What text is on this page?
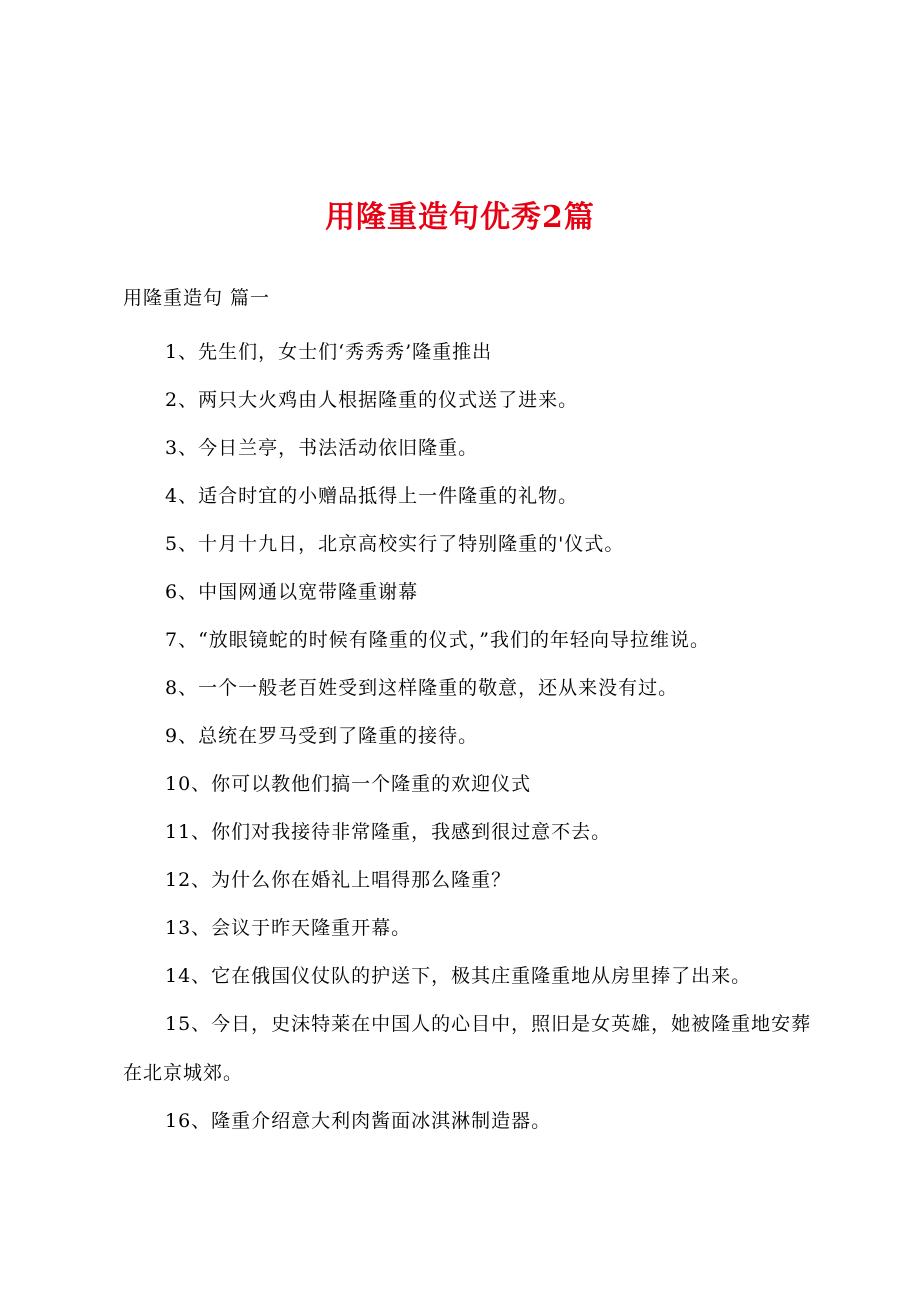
用隆重造句优秀2篇
用隆重造句 篇一
1、先生们，女士们‘秀秀秀’隆重推出
2、两只大火鸡由人根据隆重的仪式送了进来。
3、今日兰亭，书法活动依旧隆重。
4、适合时宜的小赠品抵得上一件隆重的礼物。
5、十月十九日，北京高校实行了特别隆重的'仪式。
6、中国网通以宽带隆重谢幕
7、“放眼镜蛇的时候有隆重的仪式，”我们的年轻向导拉维说。
8、一个一般老百姓受到这样隆重的敬意，还从来没有过。
9、总统在罗马受到了隆重的接待。
10、你可以教他们搞一个隆重的欢迎仪式
11、你们对我接待非常隆重，我感到很过意不去。
12、为什么你在婚礼上唱得那么隆重？
13、会议于昨天隆重开幕。
14、它在俄国仪仗队的护送下，极其庄重隆重地从房里捧了出来。
15、今日，史沫特莱在中国人的心目中，照旧是女英雄，她被隆重地安葬在北京城郊。
16、隆重介绍意大利肉酱面冰淇淋制造器。
